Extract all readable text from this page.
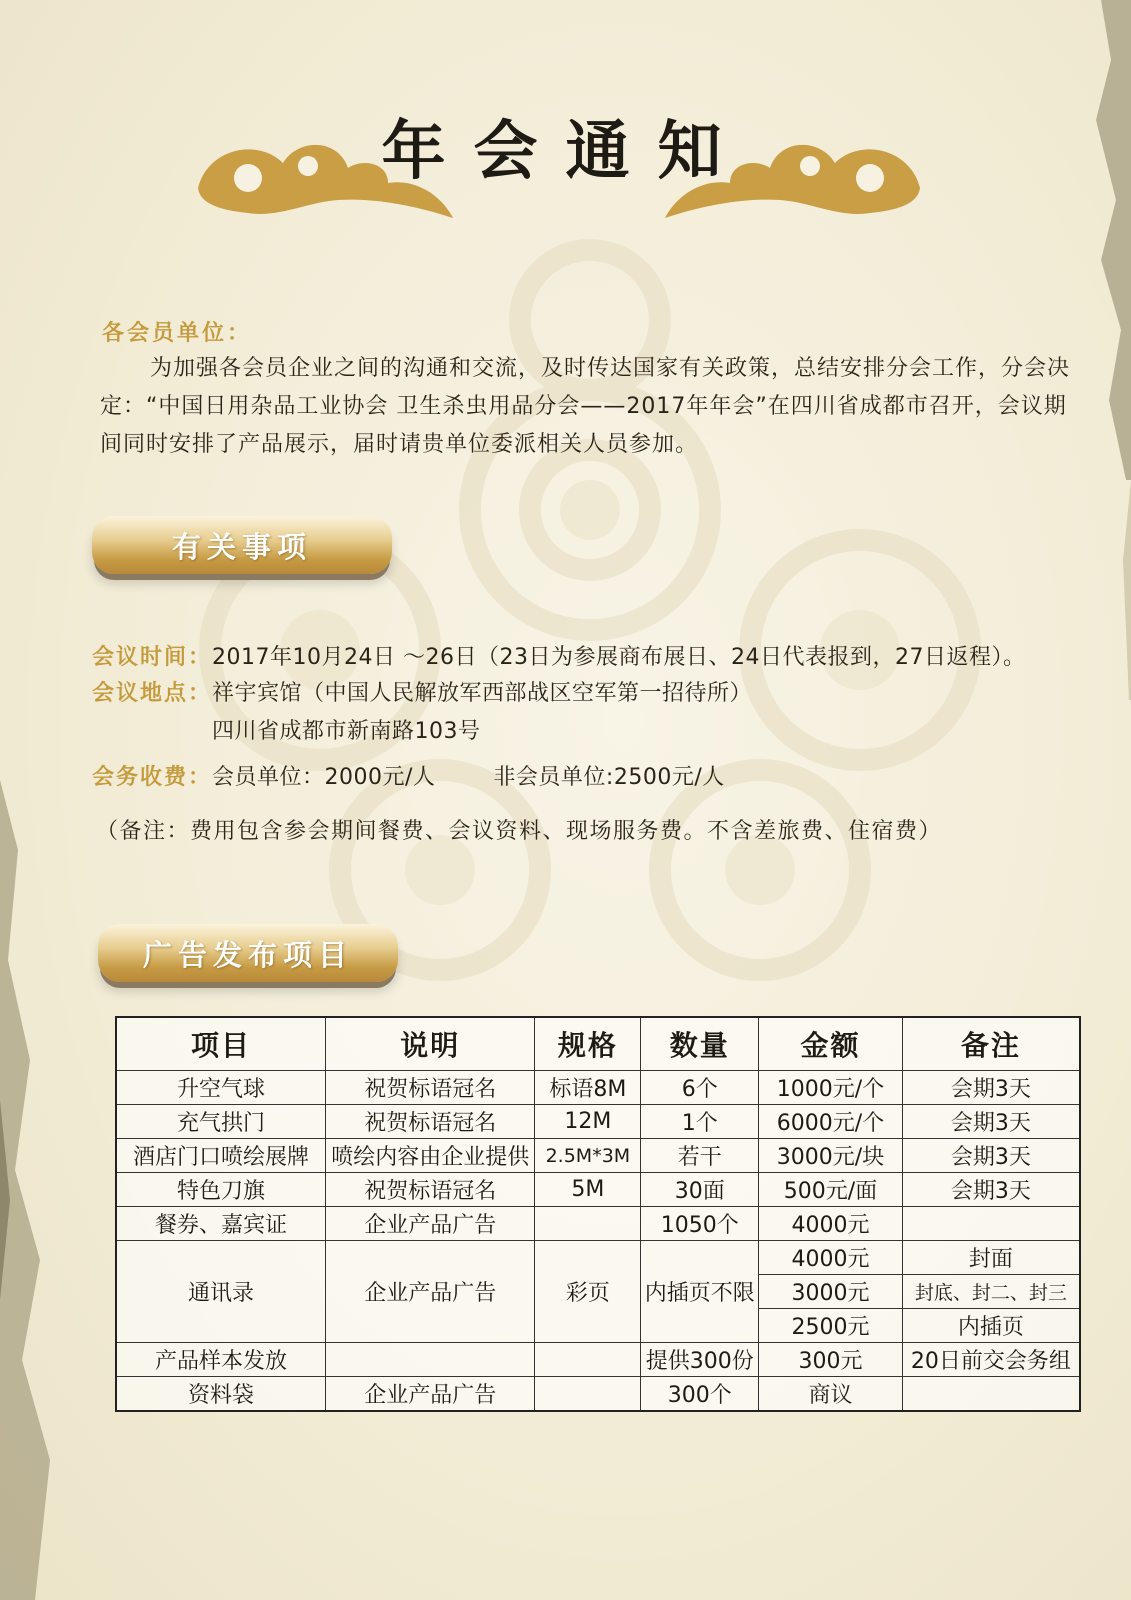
年会通知
各会员单位：
为加强各会员企业之间的沟通和交流，及时传达国家有关政策，总结安排分会工作，分会决定：“中国日用杂品工业协会 卫生杀虫用品分会——2017年年会”在四川省成都市召开，会议期间同时安排了产品展示，届时请贵单位委派相关人员参加。
有关事项
会议时间：2017年10月24日 ～26日（23日为参展商布展日、24日代表报到，27日返程）。
会议地点：祥宇宾馆（中国人民解放军西部战区空军第一招待所）
四川省成都市新南路103号
会务收费：会员单位：2000元/人	非会员单位:2500元/人
（备注：费用包含参会期间餐费、会议资料、现场服务费。不含差旅费、住宿费）
广告发布项目
项目	说明	规格	数量	金额	备注
升空气球	祝贺标语冠名	标语8M	6个	1000元/个	会期3天
充气拱门	祝贺标语冠名	12M	1个	6000元/个	会期3天
酒店门口喷绘展牌	喷绘内容由企业提供	2.5M*3M	若干	3000元/块	会期3天
特色刀旗	祝贺标语冠名	5M	30面	500元/面	会期3天
餐券、嘉宾证	企业产品广告		1050个	4000元	
通讯录	企业产品广告	彩页	内插页不限	4000元	封面
				3000元	封底、封二、封三
				2500元	内插页
产品样本发放			提供300份	300元	20日前交会务组
资料袋	企业产品广告		300个	商议	
